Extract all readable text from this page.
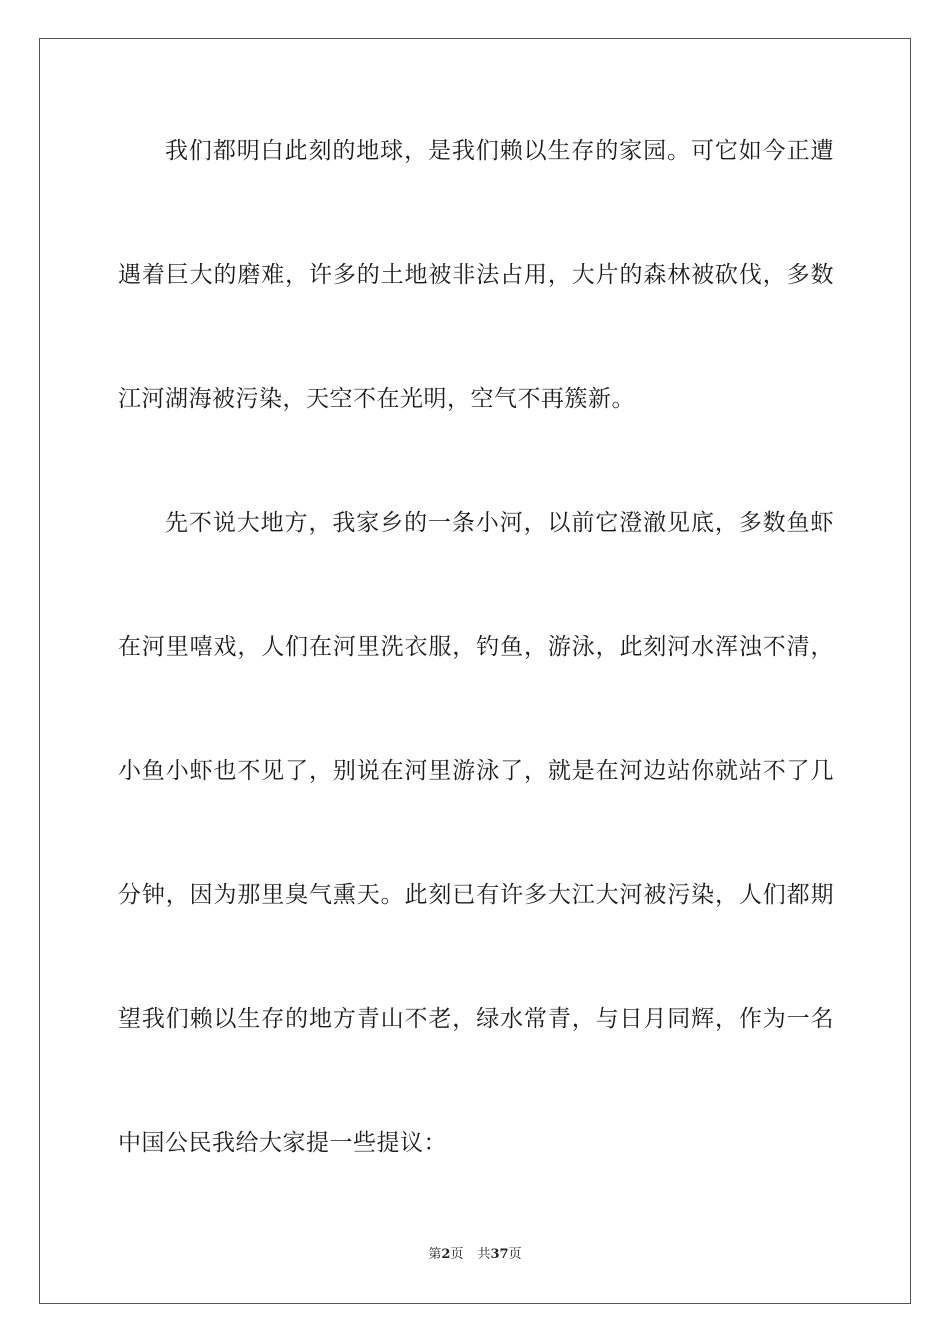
我们都明白此刻的地球，是我们赖以生存的家园。可它如今正遭
遇着巨大的磨难，许多的土地被非法占用，大片的森林被砍伐，多数
江河湖海被污染，天空不在光明，空气不再簇新。
先不说大地方，我家乡的一条小河，以前它澄澈见底，多数鱼虾
在河里嘻戏，人们在河里洗衣服，钓鱼，游泳，此刻河水浑浊不清，
小鱼小虾也不见了，别说在河里游泳了，就是在河边站你就站不了几
分钟，因为那里臭气熏天。此刻已有许多大江大河被污染，人们都期
望我们赖以生存的地方青山不老，绿水常青，与日月同辉，作为一名
中国公民我给大家提一些提议：
第2页 共37页
